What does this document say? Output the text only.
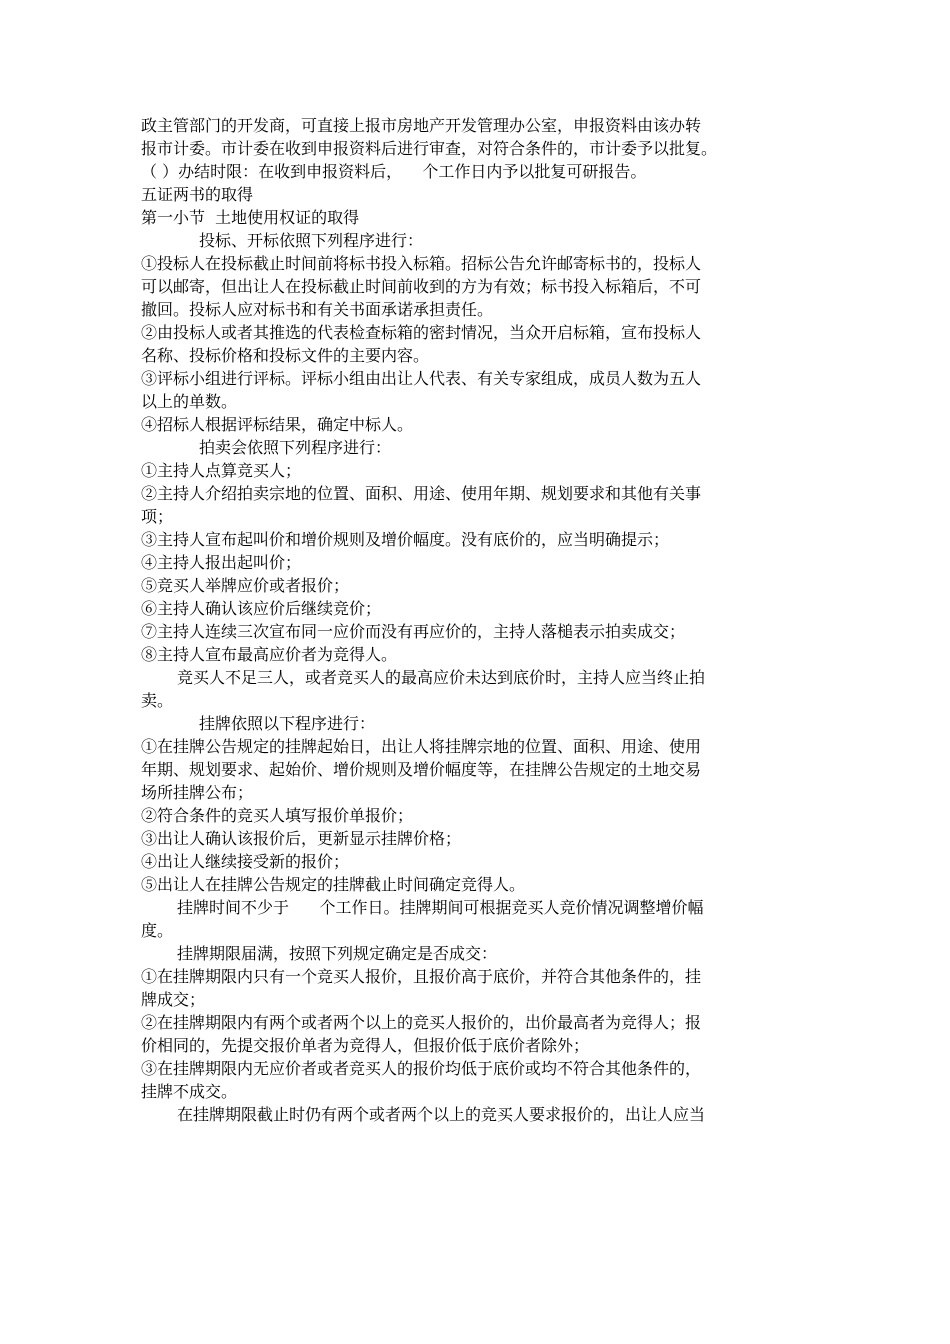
政主管部门的开发商，可直接上报市房地产开发管理办公室，申报资料由该办转
报市计委。市计委在收到申报资料后进行审查，对符合条件的，市计委予以批复。
（ ）办结时限：在收到申报资料后，    个工作日内予以批复可研报告。
五证两书的取得
第一小节  土地使用权证的取得
投标、开标依照下列程序进行：
①投标人在投标截止时间前将标书投入标箱。招标公告允许邮寄标书的，投标人
可以邮寄，但出让人在投标截止时间前收到的方为有效；标书投入标箱后，不可
撤回。投标人应对标书和有关书面承诺承担责任。
②由投标人或者其推选的代表检查标箱的密封情况，当众开启标箱，宣布投标人
名称、投标价格和投标文件的主要内容。
③评标小组进行评标。评标小组由出让人代表、有关专家组成，成员人数为五人
以上的单数。
④招标人根据评标结果，确定中标人。
拍卖会依照下列程序进行：
①主持人点算竞买人；
②主持人介绍拍卖宗地的位置、面积、用途、使用年期、规划要求和其他有关事
项；
③主持人宣布起叫价和增价规则及增价幅度。没有底价的，应当明确提示；
④主持人报出起叫价；
⑤竞买人举牌应价或者报价；
⑥主持人确认该应价后继续竞价；
⑦主持人连续三次宣布同一应价而没有再应价的，主持人落槌表示拍卖成交；
⑧主持人宣布最高应价者为竞得人。
竞买人不足三人，或者竞买人的最高应价未达到底价时，主持人应当终止拍
卖。
挂牌依照以下程序进行：
①在挂牌公告规定的挂牌起始日，出让人将挂牌宗地的位置、面积、用途、使用
年期、规划要求、起始价、增价规则及增价幅度等，在挂牌公告规定的土地交易
场所挂牌公布；
②符合条件的竞买人填写报价单报价；
③出让人确认该报价后，更新显示挂牌价格；
④出让人继续接受新的报价；
⑤出让人在挂牌公告规定的挂牌截止时间确定竞得人。
挂牌时间不少于      个工作日。挂牌期间可根据竞买人竞价情况调整增价幅
度。
挂牌期限届满，按照下列规定确定是否成交：
①在挂牌期限内只有一个竞买人报价，且报价高于底价，并符合其他条件的，挂
牌成交；
②在挂牌期限内有两个或者两个以上的竞买人报价的，出价最高者为竞得人；报
价相同的，先提交报价单者为竞得人，但报价低于底价者除外；
③在挂牌期限内无应价者或者竞买人的报价均低于底价或均不符合其他条件的，
挂牌不成交。
在挂牌期限截止时仍有两个或者两个以上的竞买人要求报价的，出让人应当
